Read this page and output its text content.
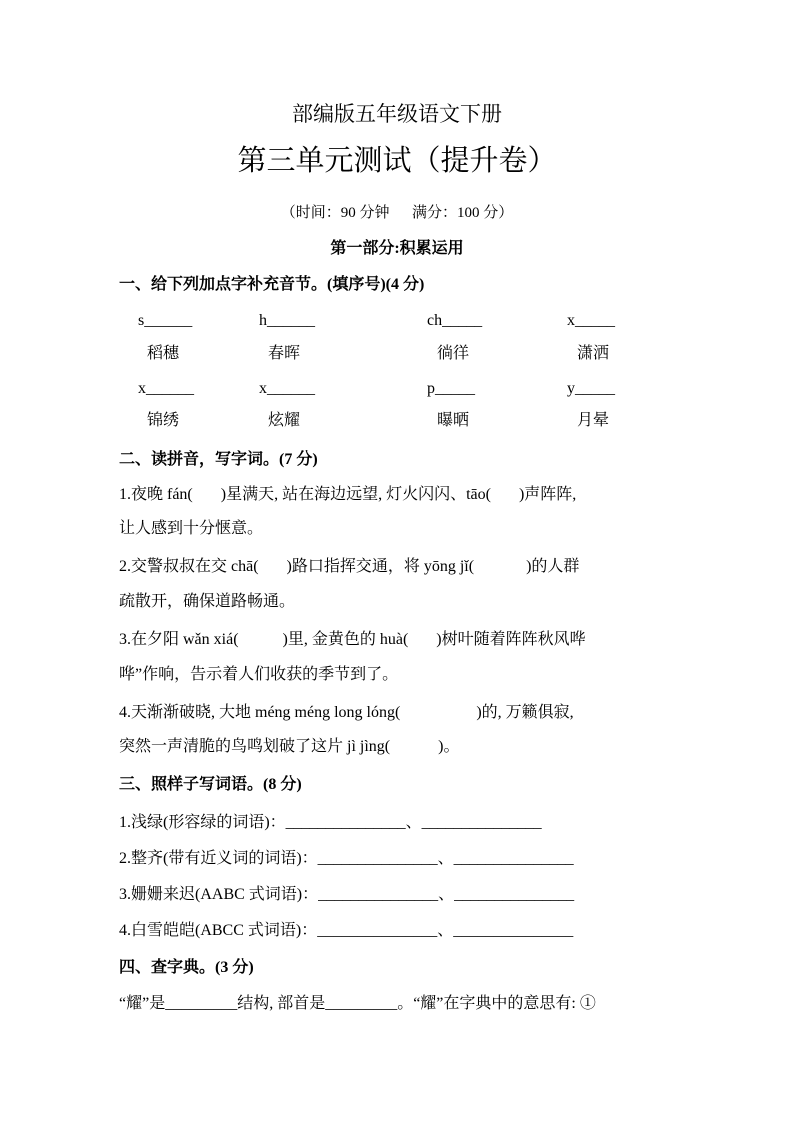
部编版五年级语文下册
第三单元测试（提升卷）
（时间：90 分钟      满分：100 分）
第一部分:积累运用
一、给下列加点字补充音节。(填序号)(4 分)
s______	h______	ch_____	x_____
稻穗	春晖	徜徉	潇洒
x______	x______	p_____	y_____
锦绣	炫耀	曝晒	月晕
二、读拼音，写字词。(7 分)
1.夜晚 fán(       )星满天, 站在海边远望, 灯火闪闪、tāo(       )声阵阵,
让人感到十分惬意。
2.交警叔叔在交 chā(       )路口指挥交通，将 yōng jǐ(             )的人群
疏散开，确保道路畅通。
3.在夕阳 wǎn xiá(           )里, 金黄色的 huà(       )树叶随着阵阵秋风哗
哗”作响，告示着人们收获的季节到了。
4.天渐渐破晓, 大地 méng méng long lóng(                   )的, 万籁俱寂,
突然一声清脆的鸟鸣划破了这片 jì jìng(            )。
三、照样子写词语。(8 分)
1.浅绿(形容绿的词语)：_______________、_______________
2.整齐(带有近义词的词语)：_______________、_______________
3.姗姗来迟(AABC 式词语)：_______________、_______________
4.白雪皑皑(ABCC 式词语)：_______________、_______________
四、查字典。(3 分)
“耀”是_________结构, 部首是_________。“耀”在字典中的意思有: ①
